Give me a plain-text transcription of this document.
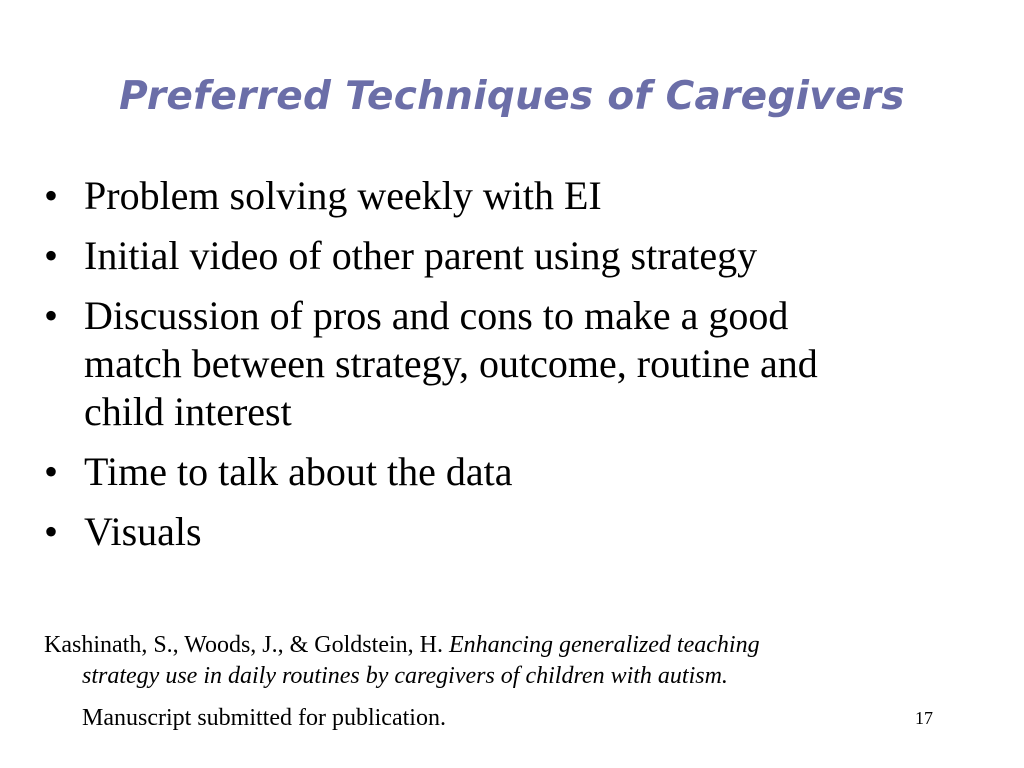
Preferred Techniques of Caregivers
• Problem solving weekly with EI
• Initial video of other parent using strategy
• Discussion of pros and cons to make a good
match between strategy, outcome, routine and
child interest
• Time to talk about the data
• Visuals
Kashinath, S., Woods, J., & Goldstein, H. Enhancing generalized teaching
strategy use in daily routines by caregivers of children with autism.
Manuscript submitted for publication.	17
